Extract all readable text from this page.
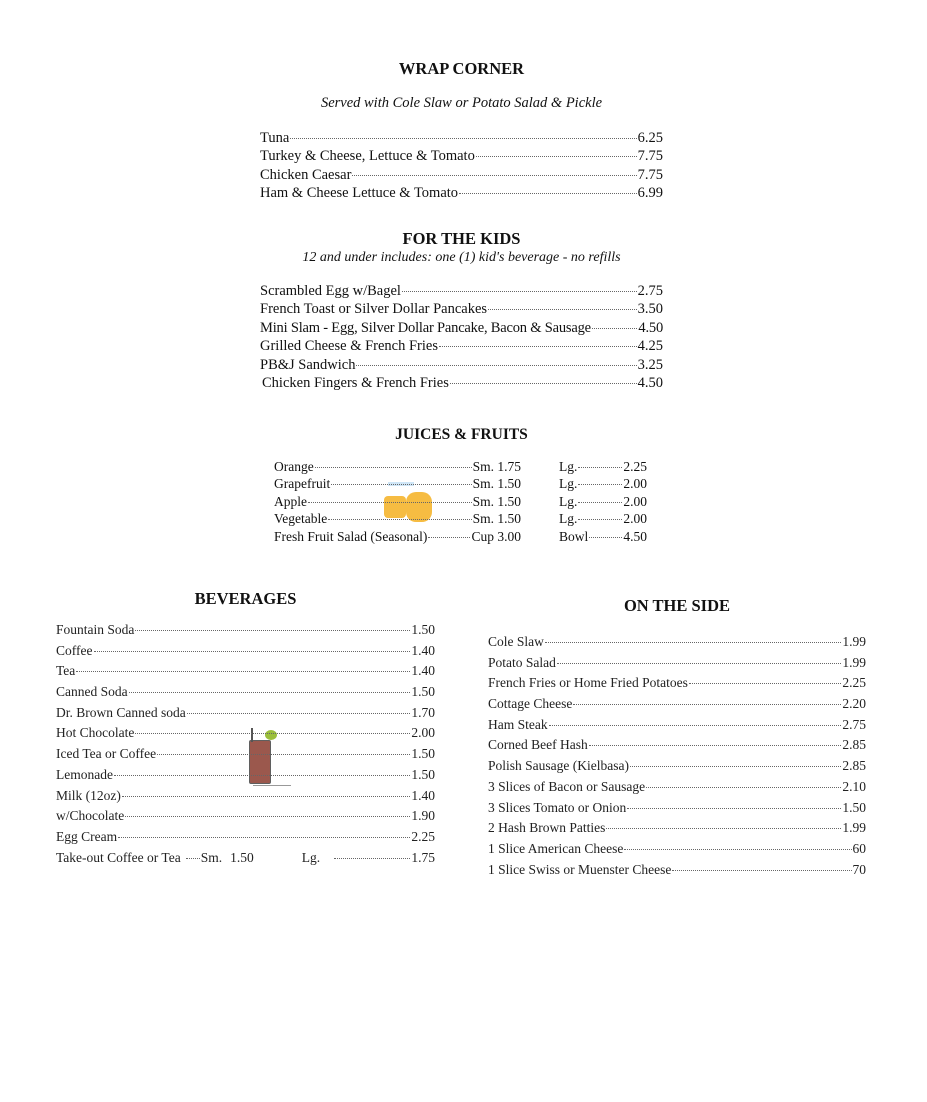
WRAP CORNER
Served with Cole Slaw or Potato Salad & Pickle
Tuna	6.25
Turkey & Cheese, Lettuce & Tomato	7.75
Chicken Caesar	7.75
Ham & Cheese Lettuce & Tomato	6.99
FOR THE KIDS
12 and under includes: one (1) kid's beverage - no refills
Scrambled Egg w/Bagel	2.75
French Toast or Silver Dollar Pancakes	3.50
Mini Slam - Egg, Silver Dollar Pancake, Bacon & Sausage	4.50
Grilled Cheese & French Fries	4.25
PB&J Sandwich	3.25
Chicken Fingers & French Fries	4.50
JUICES & FRUITS
Orange	Sm. 1.75	Lg.	2.25
Grapefruit	Sm. 1.50	Lg.	2.00
Apple	Sm. 1.50	Lg.	2.00
Vegetable	Sm. 1.50	Lg.	2.00
Fresh Fruit Salad (Seasonal)	Cup 3.00	Bowl	4.50
BEVERAGES
Fountain Soda	1.50
Coffee	1.40
Tea	1.40
Canned Soda	1.50
Dr. Brown Canned soda	1.70
Hot Chocolate	2.00
Iced Tea or Coffee	1.50
Lemonade	1.50
Milk (12oz)	1.40
w/Chocolate	1.90
Egg Cream	2.25
Take-out Coffee or Tea Sm. 1.50	Lg.	1.75
ON THE SIDE
Cole Slaw	1.99
Potato Salad	1.99
French Fries or Home Fried Potatoes	2.25
Cottage Cheese	2.20
Ham Steak	2.75
Corned Beef Hash	2.85
Polish Sausage (Kielbasa)	2.85
3 Slices of Bacon or Sausage	2.10
3 Slices Tomato or Onion	1.50
2 Hash Brown Patties	1.99
1 Slice American Cheese	60
1 Slice Swiss or Muenster Cheese	70
